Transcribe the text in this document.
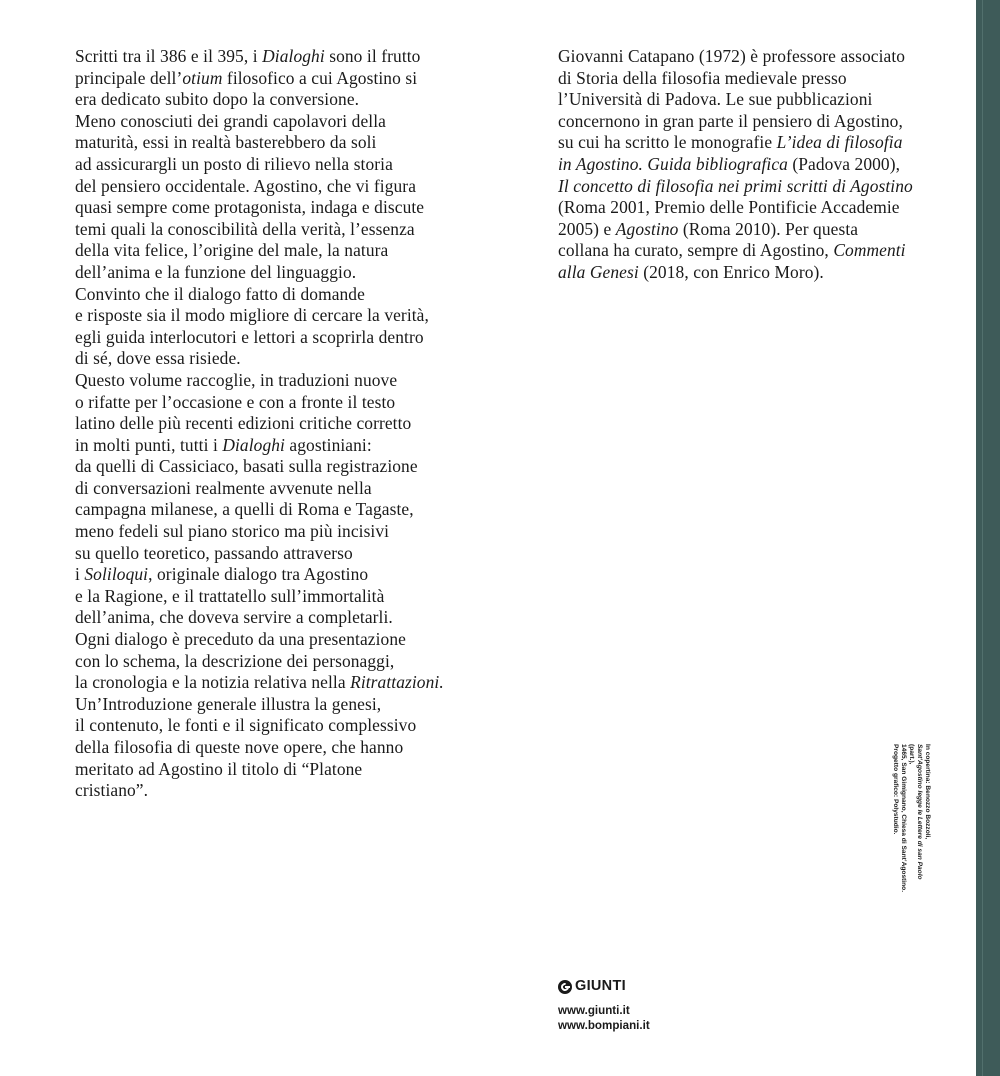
Scritti tra il 386 e il 395, i Dialoghi sono il frutto
principale dell’otium filosofico a cui Agostino si
era dedicato subito dopo la conversione.
Meno conosciuti dei grandi capolavori della
maturità, essi in realtà basterebbero da soli
ad assicurargli un posto di rilievo nella storia
del pensiero occidentale. Agostino, che vi figura
quasi sempre come protagonista, indaga e discute
temi quali la conoscibilità della verità, l’essenza
della vita felice, l’origine del male, la natura
dell’anima e la funzione del linguaggio.
Convinto che il dialogo fatto di domande
e risposte sia il modo migliore di cercare la verità,
egli guida interlocutori e lettori a scoprirla dentro
di sé, dove essa risiede.
Questo volume raccoglie, in traduzioni nuove
o rifatte per l’occasione e con a fronte il testo
latino delle più recenti edizioni critiche corretto
in molti punti, tutti i Dialoghi agostiniani:
da quelli di Cassiciaco, basati sulla registrazione
di conversazioni realmente avvenute nella
campagna milanese, a quelli di Roma e Tagaste,
meno fedeli sul piano storico ma più incisivi
su quello teoretico, passando attraverso
i Soliloqui, originale dialogo tra Agostino
e la Ragione, e il trattatello sull’immortalità
dell’anima, che doveva servire a completarli.
Ogni dialogo è preceduto da una presentazione
con lo schema, la descrizione dei personaggi,
la cronologia e la notizia relativa nella Ritrattazioni.
Un’Introduzione generale illustra la genesi,
il contenuto, le fonti e il significato complessivo
della filosofia di queste nove opere, che hanno
meritato ad Agostino il titolo di “Platone
cristiano”.
Giovanni Catapano (1972) è professore associato
di Storia della filosofia medievale presso
l’Università di Padova. Le sue pubblicazioni
concernono in gran parte il pensiero di Agostino,
su cui ha scritto le monografie L’idea di filosofia
in Agostino. Guida bibliografica (Padova 2000),
Il concetto di filosofia nei primi scritti di Agostino
(Roma 2001, Premio delle Pontificie Accademie
2005) e Agostino (Roma 2010). Per questa
collana ha curato, sempre di Agostino, Commenti
alla Genesi (2018, con Enrico Moro).
GIUNTI
www.giunti.it
www.bompiani.it
In copertina: Benozzo Bozzoli,
Sant’Agostino legge le Lettere di san Paolo
(part.),
1465, San Gimignano, Chiesa di Sant’Agostino.
Progetto grafico: Polystudio.
